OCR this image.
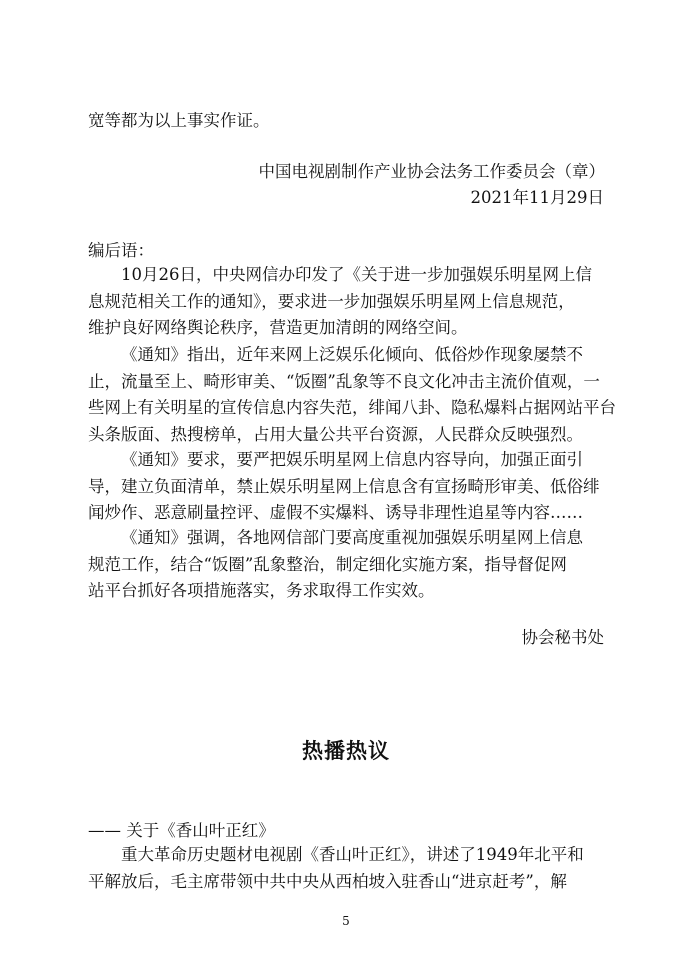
宽等都为以上事实作证。
中国电视剧制作产业协会法务工作委员会（章）
2021年11月29日
编后语：
10月26日，中央网信办印发了《关于进一步加强娱乐明星网上信
息规范相关工作的通知》，要求进一步加强娱乐明星网上信息规范，
维护良好网络舆论秩序，营造更加清朗的网络空间。
《通知》指出，近年来网上泛娱乐化倾向、低俗炒作现象屡禁不
止，流量至上、畸形审美、“饭圈”乱象等不良文化冲击主流价值观，一
些网上有关明星的宣传信息内容失范，绯闻八卦、隐私爆料占据网站平台
头条版面、热搜榜单，占用大量公共平台资源，人民群众反映强烈。
《通知》要求，要严把娱乐明星网上信息内容导向，加强正面引
导，建立负面清单，禁止娱乐明星网上信息含有宣扬畸形审美、低俗绯
闻炒作、恶意刷量控评、虚假不实爆料、诱导非理性追星等内容……
《通知》强调，各地网信部门要高度重视加强娱乐明星网上信息
规范工作，结合“饭圈”乱象整治，制定细化实施方案，指导督促网
站平台抓好各项措施落实，务求取得工作实效。
协会秘书处
热播热议
—— 关于《香山叶正红》
重大革命历史题材电视剧《香山叶正红》，讲述了1949年北平和
平解放后，毛主席带领中共中央从西柏坡入驻香山“进京赶考”，解
5
